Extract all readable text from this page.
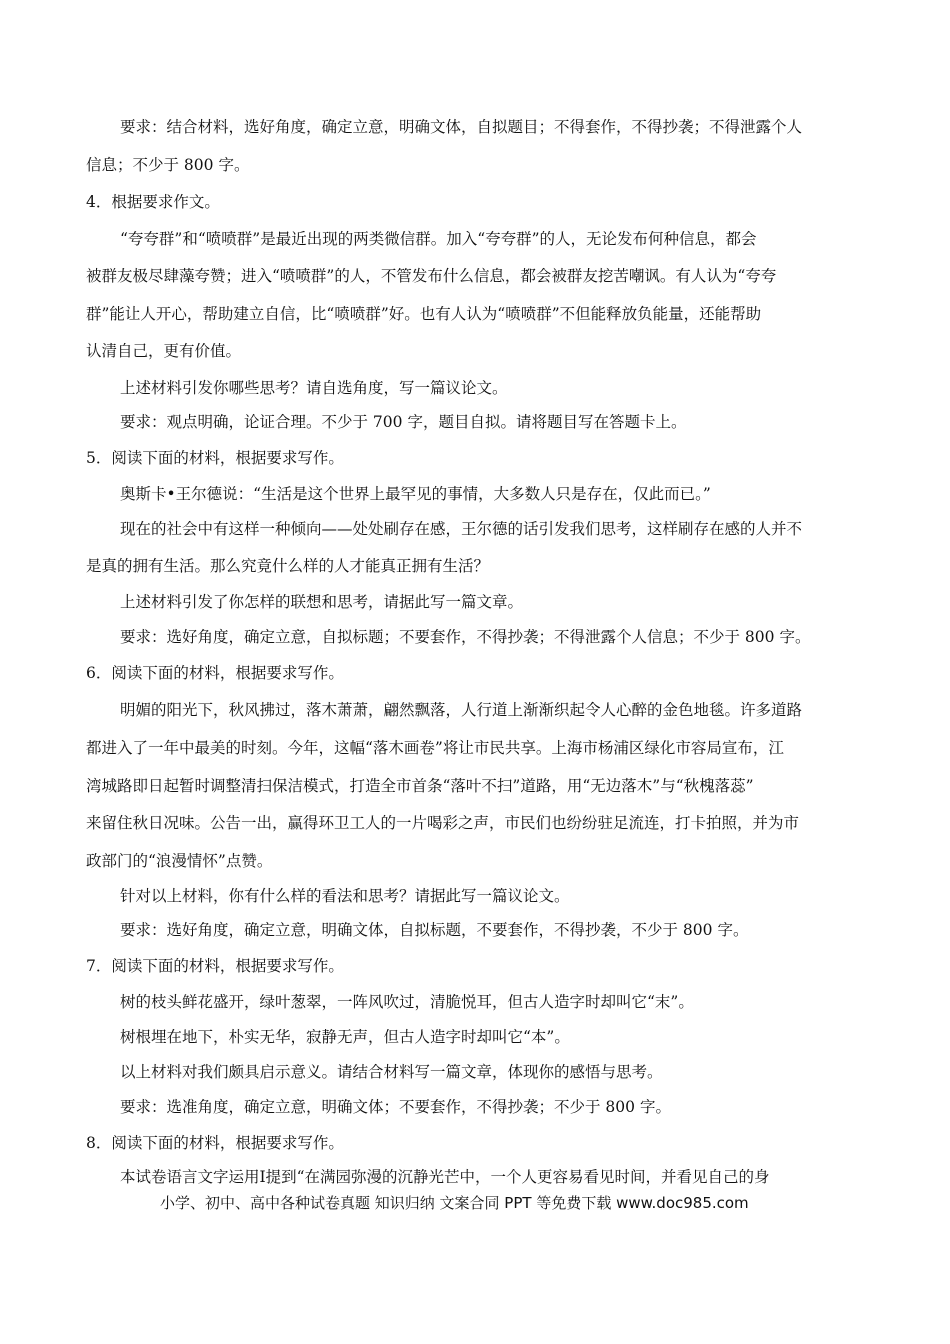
要求：结合材料，选好角度，确定立意，明确文体，自拟题目；不得套作，不得抄袭；不得泄露个人
信息；不少于 800 字。
4．根据要求作文。
“夸夸群”和“喷喷群”是最近出现的两类微信群。加入“夸夸群”的人，无论发布何种信息，都会
被群友极尽肆藻夸赞；进入“喷喷群”的人，不管发布什么信息，都会被群友挖苦嘲讽。有人认为“夸夸
群”能让人开心，帮助建立自信，比“喷喷群”好。也有人认为“喷喷群”不但能释放负能量，还能帮助
认清自己，更有价值。
上述材料引发你哪些思考？请自选角度，写一篇议论文。
要求：观点明确，论证合理。不少于 700 字，题目自拟。请将题目写在答题卡上。
5．阅读下面的材料，根据要求写作。
奥斯卡•王尔德说：“生活是这个世界上最罕见的事情，大多数人只是存在，仅此而已。”
现在的社会中有这样一种倾向——处处刷存在感，王尔德的话引发我们思考，这样刷存在感的人并不
是真的拥有生活。那么究竟什么样的人才能真正拥有生活？
上述材料引发了你怎样的联想和思考，请据此写一篇文章。
要求：选好角度，确定立意，自拟标题；不要套作，不得抄袭；不得泄露个人信息；不少于 800 字。
6．阅读下面的材料，根据要求写作。
明媚的阳光下，秋风拂过，落木萧萧，翩然飘落，人行道上渐渐织起令人心醉的金色地毯。许多道路
都进入了一年中最美的时刻。今年，这幅“落木画卷”将让市民共享。上海市杨浦区绿化市容局宣布，江
湾城路即日起暂时调整清扫保洁模式，打造全市首条“落叶不扫”道路，用“无边落木”与“秋槐落蕊”
来留住秋日况味。公告一出，赢得环卫工人的一片喝彩之声，市民们也纷纷驻足流连，打卡拍照，并为市
政部门的“浪漫情怀”点赞。
针对以上材料，你有什么样的看法和思考？请据此写一篇议论文。
要求：选好角度，确定立意，明确文体，自拟标题，不要套作，不得抄袭，不少于 800 字。
7．阅读下面的材料，根据要求写作。
树的枝头鲜花盛开，绿叶葱翠，一阵风吹过，清脆悦耳，但古人造字时却叫它“末”。
树根埋在地下，朴实无华，寂静无声，但古人造字时却叫它“本”。
以上材料对我们颇具启示意义。请结合材料写一篇文章，体现你的感悟与思考。
要求：选准角度，确定立意，明确文体；不要套作，不得抄袭；不少于 800 字。
8．阅读下面的材料，根据要求写作。
本试卷语言文字运用Ⅰ提到“在满园弥漫的沉静光芒中，一个人更容易看见时间，并看见自己的身
小学、初中、高中各种试卷真题 知识归纳 文案合同 PPT 等免费下载 www.doc985.com
